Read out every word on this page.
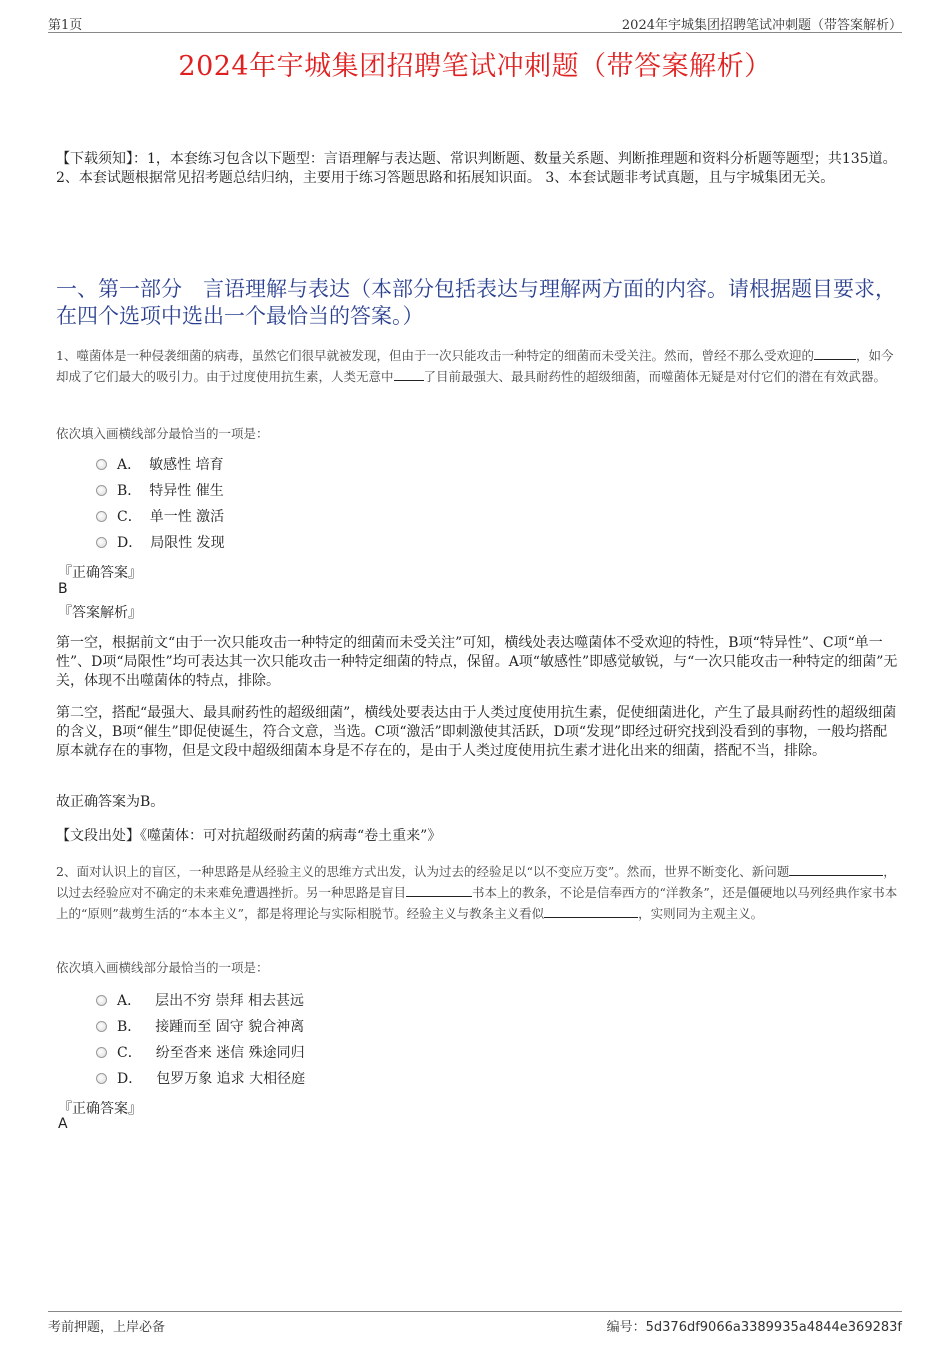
第1页	2024年宇城集团招聘笔试冲刺题（带答案解析）
2024年宇城集团招聘笔试冲刺题（带答案解析）
【下载须知】：1，本套练习包含以下题型：言语理解与表达题、常识判断题、数量关系题、判断推理题和资料分析题等题型；共135道。 2、本套试题根据常见招考题总结归纳，主要用于练习答题思路和拓展知识面。 3、本套试题非考试真题，且与宇城集团无关。
一、第一部分　言语理解与表达（本部分包括表达与理解两方面的内容。请根据题目要求，在四个选项中选出一个最恰当的答案。）
1、噬菌体是一种侵袭细菌的病毒，虽然它们很早就被发现，但由于一次只能攻击一种特定的细菌而未受关注。然而，曾经不那么受欢迎的	，如今却成了它们最大的吸引力。由于过度使用抗生素，人类无意中 了目前最强大、最具耐药性的超级细菌，而噬菌体无疑是对付它们的潜在有效武器。
依次填入画横线部分最恰当的一项是：
A． 敏感性 培育
B． 特异性 催生
C． 单一性 激活
D． 局限性 发现
『正确答案』
B
『答案解析』
第一空，根据前文“由于一次只能攻击一种特定的细菌而未受关注”可知，横线处表达噬菌体不受欢迎的特性，B项“特异性”、C项“单一性”、D项“局限性”均可表达其一次只能攻击一种特定细菌的特点，保留。A项“敏感性”即感觉敏锐，与“一次只能攻击一种特定的细菌”无关，体现不出噬菌体的特点，排除。
第二空，搭配“最强大、最具耐药性的超级细菌”，横线处要表达由于人类过度使用抗生素，促使细菌进化，产生了最具耐药性的超级细菌的含义，B项“催生”即促使诞生，符合文意，当选。C项“激活”即刺激使其活跃，D项“发现”即经过研究找到没看到的事物，一般均搭配原本就存在的事物，但是文段中超级细菌本身是不存在的，是由于人类过度使用抗生素才进化出来的细菌，搭配不当，排除。
故正确答案为B。
【文段出处】《噬菌体：可对抗超级耐药菌的病毒“卷土重来”》
2、面对认识上的盲区，一种思路是从经验主义的思维方式出发，认为过去的经验足以“以不变应万变”。然而，世界不断变化、新问题	，以过去经验应对不确定的未来难免遭遇挫折。另一种思路是盲目	书本上的教条，不论是信奉西方的“洋教条”，还是僵硬地以马列经典作家书本上的“原则”裁剪生活的“本本主义”，都是将理论与实际相脱节。经验主义与教条主义看似	，实则同为主观主义。
依次填入画横线部分最恰当的一项是：
A． 层出不穷 崇拜 相去甚远
B． 接踵而至 固守 貌合神离
C． 纷至沓来 迷信 殊途同归
D． 包罗万象 追求 大相径庭
『正确答案』
A
考前押题，上岸必备	编号：5d376df9066a3389935a4844e369283f
